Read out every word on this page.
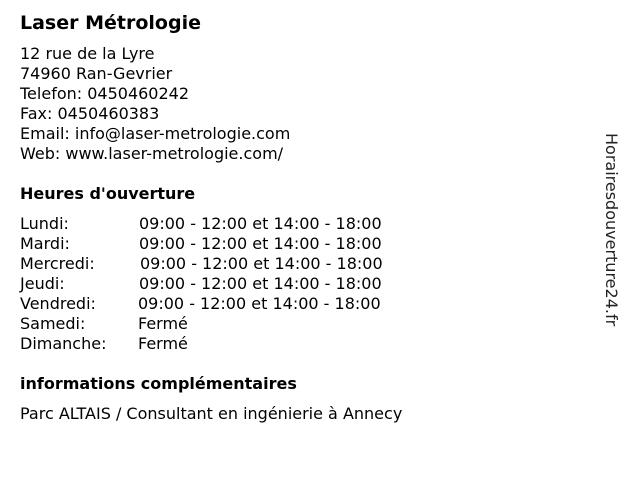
Laser Métrologie
12 rue de la Lyre
74960 Ran-Gevrier
Telefon: 0450460242
Fax: 0450460383
Email: info@laser-metrologie.com
Web: www.laser-metrologie.com/
Heures d'ouverture
Lundi:	09:00 - 12:00 et 14:00 - 18:00
Mardi:	09:00 - 12:00 et 14:00 - 18:00
Mercredi:	09:00 - 12:00 et 14:00 - 18:00
Jeudi:	09:00 - 12:00 et 14:00 - 18:00
Vendredi:	09:00 - 12:00 et 14:00 - 18:00
Samedi:	Fermé
Dimanche: Fermé
informations complémentaires
Parc ALTAIS / Consultant en ingénierie à Annecy
Horairesdouverture24.fr
